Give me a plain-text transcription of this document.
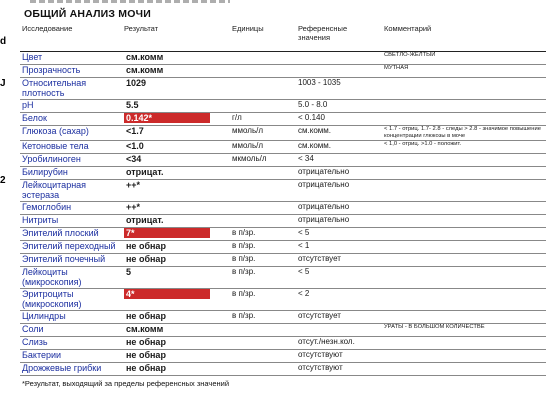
d
J
2
ОБЩИЙ АНАЛИЗ МОЧИ
Исследование	Результат	Единицы	Референсные значения	Комментарий
Цвет	см.комм			СВЕТЛО-ЖЕЛТЫЙ
Прозрачность	см.комм			МУТНАЯ
Относительная плотность	1029		1003 - 1035	
pH	5.5		5.0 - 8.0	
Белок	0.142*	г/л	< 0.140	
Глюкоза (сахар)	<1.7	ммоль/л	см.комм.	< 1.7 - отриц. 1.7- 2.8 - следы > 2.8 - значимое повышение концентрации глюкозы в моче
Кетоновые тела	<1.0	ммоль/л	см.комм.	< 1,0 - отриц. >1.0 - положит.
Уробилиноген	<34	мкмоль/л	< 34	
Билирубин	отрицат.		отрицательно	
Лейкоцитарная эстераза	++*		отрицательно	
Гемоглобин	++*		отрицательно	
Нитриты	отрицат.		отрицательно	
Эпителий плоский	7*	в п/зр.	< 5	
Эпителий переходный	не обнар	в п/зр.	< 1	
Эпителий почечный	не обнар	в п/зр.	отсутствует	
Лейкоциты (микроскопия)	5	в п/зр.	< 5	
Эритроциты (микроскопия)	4*	в п/зр.	< 2	
Цилиндры	не обнар	в п/зр.	отсутствует	
Соли	см.комм			УРАТЫ - В БОЛЬШОМ КОЛИЧЕСТВЕ
Слизь	не обнар		отсут./незн.кол.	
Бактерии	не обнар		отсутствуют	
Дрожжевые грибки	не обнар		отсутствуют	
*Результат, выходящий за пределы референсных значений
